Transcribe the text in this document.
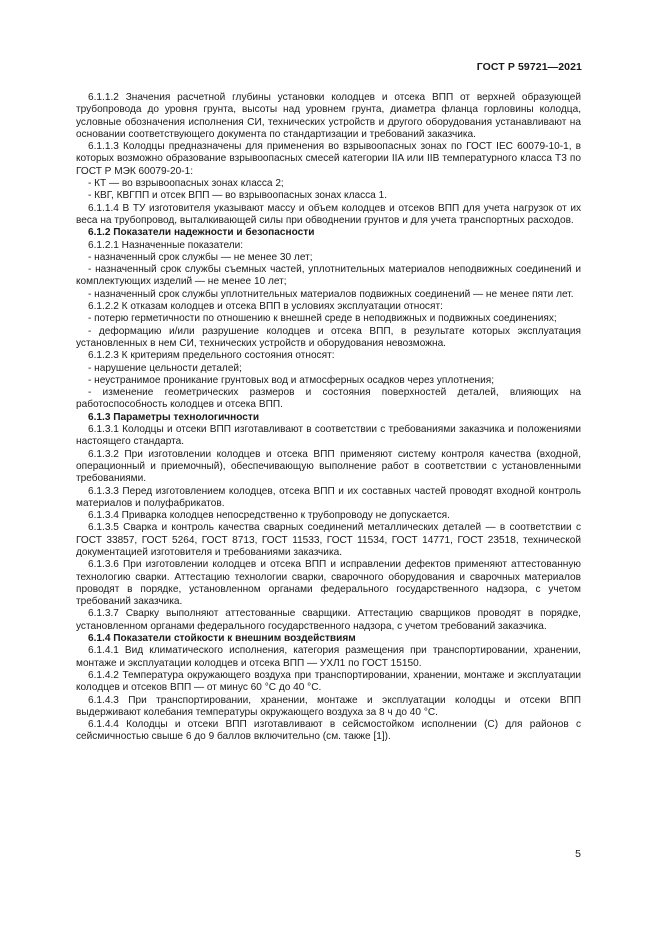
ГОСТ Р 59721—2021

6.1.1.2 Значения расчетной глубины установки колодцев и отсека ВПП от верхней образующей трубопровода до уровня грунта, высоты над уровнем грунта, диаметра фланца горловины колодца, условные обозначения исполнения СИ, технических устройств и другого оборудования устанавливают на основании соответствующего документа по стандартизации и требований заказчика.

6.1.1.3 Колодцы предназначены для применения во взрывоопасных зонах по ГОСТ IEC 60079-10-1, в которых возможно образование взрывоопасных смесей категории IIA или IIB температурного класса Т3 по ГОСТ Р МЭК 60079-20-1:

- КТ — во взрывоопасных зонах класса 2;

- КВГ, КВГПП и отсек ВПП — во взрывоопасных зонах класса 1.

6.1.1.4 В ТУ изготовителя указывают массу и объем колодцев и отсеков ВПП для учета нагрузок от их веса на трубопровод, выталкивающей силы при обводнении грунтов и для учета транспортных расходов.

6.1.2 Показатели надежности и безопасности

6.1.2.1 Назначенные показатели:

- назначенный срок службы — не менее 30 лет;

- назначенный срок службы съемных частей, уплотнительных материалов неподвижных соединений и комплектующих изделий — не менее 10 лет;

- назначенный срок службы уплотнительных материалов подвижных соединений — не менее пяти лет.

6.1.2.2 К отказам колодцев и отсека ВПП в условиях эксплуатации относят:

- потерю герметичности по отношению к внешней среде в неподвижных и подвижных соединениях;

- деформацию и/или разрушение колодцев и отсека ВПП, в результате которых эксплуатация установленных в нем СИ, технических устройств и оборудования невозможна.

6.1.2.3 К критериям предельного состояния относят:

- нарушение цельности деталей;

- неустранимое проникание грунтовых вод и атмосферных осадков через уплотнения;

- изменение геометрических размеров и состояния поверхностей деталей, влияющих на работоспособность колодцев и отсека ВПП.

6.1.3 Параметры технологичности

6.1.3.1 Колодцы и отсеки ВПП изготавливают в соответствии с требованиями заказчика и положениями настоящего стандарта.

6.1.3.2 При изготовлении колодцев и отсека ВПП применяют систему контроля качества (входной, операционный и приемочный), обеспечивающую выполнение работ в соответствии с установленными требованиями.

6.1.3.3 Перед изготовлением колодцев, отсека ВПП и их составных частей проводят входной контроль материалов и полуфабрикатов.

6.1.3.4 Приварка колодцев непосредственно к трубопроводу не допускается.

6.1.3.5 Сварка и контроль качества сварных соединений металлических деталей — в соответствии с ГОСТ 33857, ГОСТ 5264, ГОСТ 8713, ГОСТ 11533, ГОСТ 11534, ГОСТ 14771, ГОСТ 23518, технической документацией изготовителя и требованиями заказчика.

6.1.3.6 При изготовлении колодцев и отсека ВПП и исправлении дефектов применяют аттестованную технологию сварки. Аттестацию технологии сварки, сварочного оборудования и сварочных материалов проводят в порядке, установленном органами федерального государственного надзора, с учетом требований заказчика.

6.1.3.7 Сварку выполняют аттестованные сварщики. Аттестацию сварщиков проводят в порядке, установленном органами федерального государственного надзора, с учетом требований заказчика.

6.1.4 Показатели стойкости к внешним воздействиям

6.1.4.1 Вид климатического исполнения, категория размещения при транспортировании, хранении, монтаже и эксплуатации колодцев и отсека ВПП — УХЛ1 по ГОСТ 15150.

6.1.4.2 Температура окружающего воздуха при транспортировании, хранении, монтаже и эксплуатации колодцев и отсеков ВПП — от минус 60 °С до 40 °С.

6.1.4.3 При транспортировании, хранении, монтаже и эксплуатации колодцы и отсеки ВПП выдерживают колебания температуры окружающего воздуха за 8 ч до 40 °С.

6.1.4.4 Колодцы и отсеки ВПП изготавливают в сейсмостойком исполнении (С) для районов с сейсмичностью свыше 6 до 9 баллов включительно (см. также [1]).

5
